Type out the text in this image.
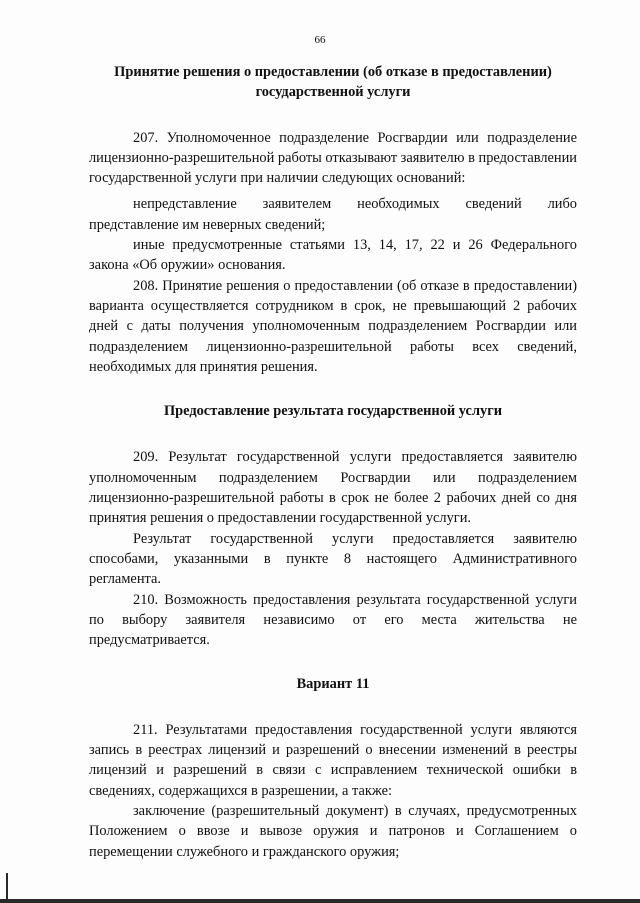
66
Принятие решения о предоставлении (об отказе в предоставлении) государственной услуги

207. Уполномоченное подразделение Росгвардии или подразделение лицензионно-разрешительной работы отказывают заявителю в предоставлении государственной услуги при наличии следующих оснований:

непредставление заявителем необходимых сведений либо представление им неверных сведений;

иные предусмотренные статьями 13, 14, 17, 22 и 26 Федерального закона «Об оружии» основания.

208. Принятие решения о предоставлении (об отказе в предоставлении) варианта осуществляется сотрудником в срок, не превышающий 2 рабочих дней с даты получения уполномоченным подразделением Росгвардии или подразделением лицензионно-разрешительной работы всех сведений, необходимых для принятия решения.

Предоставление результата государственной услуги

209. Результат государственной услуги предоставляется заявителю уполномоченным подразделением Росгвардии или подразделением лицензионно-разрешительной работы в срок не более 2 рабочих дней со дня принятия решения о предоставлении государственной услуги.

Результат государственной услуги предоставляется заявителю способами, указанными в пункте 8 настоящего Административного регламента.

210. Возможность предоставления результата государственной услуги по выбору заявителя независимо от его места жительства не предусматривается.

Вариант 11

211. Результатами предоставления государственной услуги являются запись в реестрах лицензий и разрешений о внесении изменений в реестры лицензий и разрешений в связи с исправлением технической ошибки в сведениях, содержащихся в разрешении, а также:

заключение (разрешительный документ) в случаях, предусмотренных Положением о ввозе и вывозе оружия и патронов и Соглашением о перемещении служебного и гражданского оружия;
